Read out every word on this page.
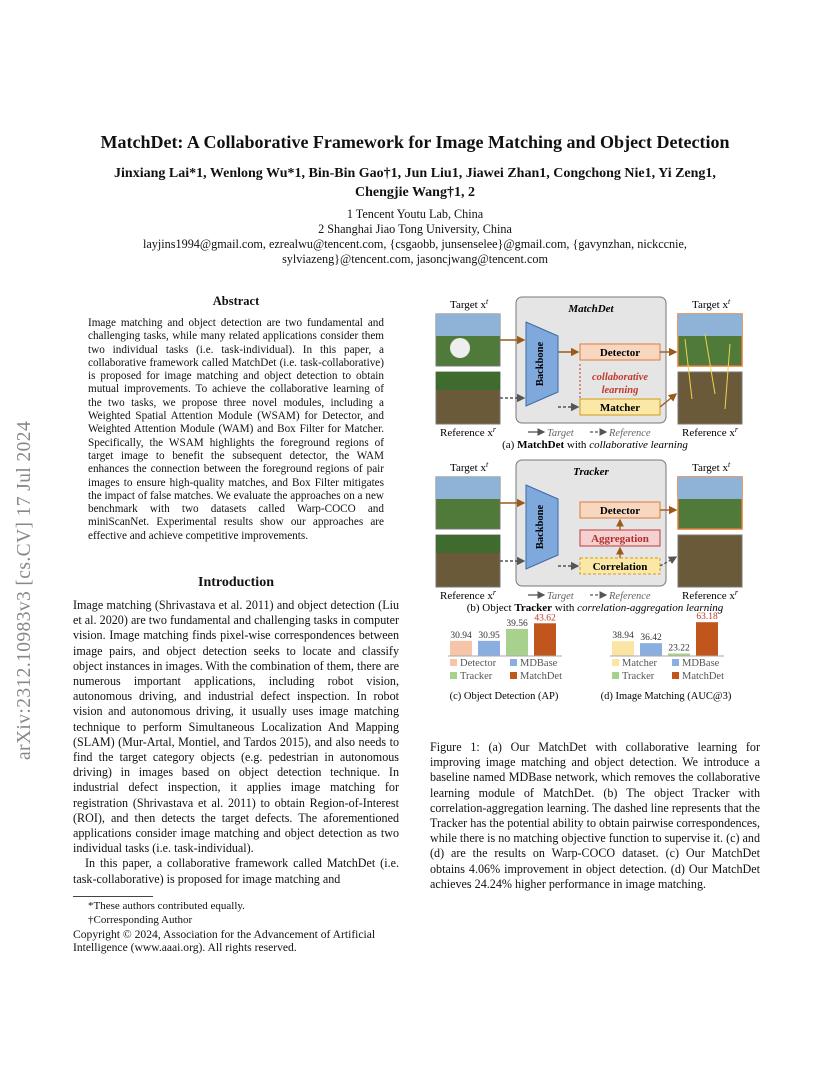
arXiv:2312.10983v3 [cs.CV] 17 Jul 2024
MatchDet: A Collaborative Framework for Image Matching and Object Detection
Jinxiang Lai*1, Wenlong Wu*1, Bin-Bin Gao†1, Jun Liu1, Jiawei Zhan1, Congchong Nie1, Yi Zeng1,
Chengjie Wang†1, 2
1 Tencent Youtu Lab, China
2 Shanghai Jiao Tong University, China
layjins1994@gmail.com, ezrealwu@tencent.com, {csgaobb, junsenselee}@gmail.com, {gavynzhan, nickccnie,
sylviazeng}@tencent.com, jasoncjwang@tencent.com
Abstract
Image matching and object detection are two fundamental and challenging tasks, while many related applications consider them two individual tasks (i.e. task-individual). In this paper, a collaborative framework called MatchDet (i.e. task-collaborative) is proposed for image matching and object detection to obtain mutual improvements. To achieve the collaborative learning of the two tasks, we propose three novel modules, including a Weighted Spatial Attention Module (WSAM) for Detector, and Weighted Attention Module (WAM) and Box Filter for Matcher. Specifically, the WSAM highlights the foreground regions of target image to benefit the subsequent detector, the WAM enhances the connection between the foreground regions of pair images to ensure high-quality matches, and Box Filter mitigates the impact of false matches. We evaluate the approaches on a new benchmark with two datasets called Warp-COCO and miniScanNet. Experimental results show our approaches are effective and achieve competitive improvements.
Introduction

Image matching (Shrivastava et al. 2011) and object detection (Liu et al. 2020) are two fundamental and challenging tasks in computer vision. Image matching finds pixel-wise correspondences between image pairs, and object detection seeks to locate and classify object instances in images. With the combination of them, there are numerous important applications, including robot vision, autonomous driving, and industrial defect inspection. In robot vision and autonomous driving, it usually uses image matching technique to perform Simultaneous Localization And Mapping (SLAM) (Mur-Artal, Montiel, and Tardos 2015), and also needs to find the target category objects (e.g. pedestrian in autonomous driving) in images based on object detection technique. In industrial defect inspection, it applies image matching for registration (Shrivastava et al. 2011) to obtain Region-of-Interest (ROI), and then detects the target defects. The aforementioned applications consider image matching and object detection as two individual tasks (i.e. task-individual).

In this paper, a collaborative framework called MatchDet (i.e. task-collaborative) is proposed for image matching and

*These authors contributed equally.
†Corresponding Author
Copyright © 2024, Association for the Advancement of Artificial Intelligence (www.aaai.org). All rights reserved.
Target $x^t$	Target $x^t$
MatchDet
Backbone	Detector
collaborative
learning
Matcher
Reference $x^r$	Target	Reference	Reference $x^r$
(a) MatchDet with collaborative learning
Target $x^t$	Target $x^t$
Tracker
Backbone	Detector
Aggregation
Correlation
Reference $x^r$	Target	Reference	Reference $x^r$
(b) Object Tracker with correlation-aggregation learning
30.94 30.95
39.56
43.62
Detector MDBase
Tracker	MatchDet
(c) Object Detection (AP)
38.94 36.42
23.22
63.18
Matcher MDBase
Tracker	MatchDet
(d) Image Matching (AUC@3)
Figure 1: (a) Our MatchDet with collaborative learning for improving image matching and object detection. We introduce a baseline named MDBase network, which removes the collaborative learning module of MatchDet. (b) The object Tracker with correlation-aggregation learning. The dashed line represents that the Tracker has the potential ability to obtain pairwise correspondences, while there is no matching objective function to supervise it. (c) and (d) are the results on Warp-COCO dataset. (c) Our MatchDet obtains 4.06% improvement in object detection. (d) Our MatchDet achieves 24.24% higher performance in image matching.
